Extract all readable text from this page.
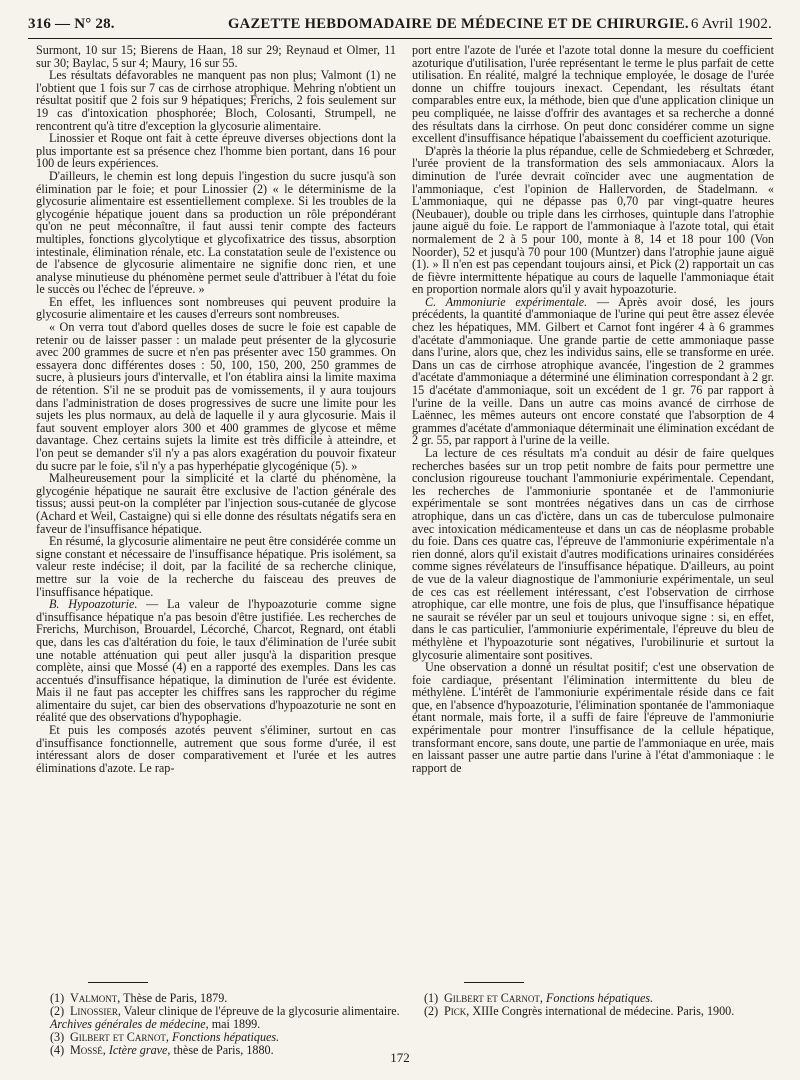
316 — N° 28.	GAZETTE HEBDOMADAIRE DE MÉDECINE ET DE CHIRURGIE. 6 Avril 1902.

Surmont, 10 sur 15; Bierens de Haan, 18 sur 29; Reynaud et Olmer, 11 sur 30; Baylac, 5 sur 4; Maury, 16 sur 55.

Les résultats défavorables ne manquent pas non plus; Valmont (1) ne l'obtient que 1 fois sur 7 cas de cirrhose atrophique. Mehring n'obtient un résultat positif que 2 fois sur 9 hépatiques; Frerichs, 2 fois seulement sur 19 cas d'intoxication phosphorée; Bloch, Colosanti, Strumpell, ne rencontrent qu'à titre d'exception la glycosurie alimentaire.

Linossier et Roque ont fait à cette épreuve diverses objections dont la plus importante est sa présence chez l'homme bien portant, dans 16 pour 100 de leurs expériences.

D'ailleurs, le chemin est long depuis l'ingestion du sucre jusqu'à son élimination par le foie; et pour Linossier (2) « le déterminisme de la glycosurie alimentaire est essentiellement complexe. Si les troubles de la glycogénie hépatique jouent dans sa production un rôle prépondérant qu'on ne peut méconnaître, il faut aussi tenir compte des facteurs multiples, fonctions glycolytique et glycofixatrice des tissus, absorption intestinale, élimination rénale, etc. La constatation seule de l'existence ou de l'absence de glycosurie alimentaire ne signifie donc rien, et une analyse minutieuse du phénomène permet seule d'attribuer à l'état du foie le succès ou l'échec de l'épreuve. »

En effet, les influences sont nombreuses qui peuvent produire la glycosurie alimentaire et les causes d'erreurs sont nombreuses.

« On verra tout d'abord quelles doses de sucre le foie est capable de retenir ou de laisser passer : un malade peut présenter de la glycosurie avec 200 grammes de sucre et n'en pas présenter avec 150 grammes. On essayera donc différentes doses : 50, 100, 150, 200, 250 grammes de sucre, à plusieurs jours d'intervalle, et l'on établira ainsi la limite maxima de rétention. S'il ne se produit pas de vomissements, il y aura toujours dans l'administration de doses progressives de sucre une limite pour les sujets les plus normaux, au delà de laquelle il y aura glycosurie. Mais il faut souvent employer alors 300 et 400 grammes de glycose et même davantage. Chez certains sujets la limite est très difficile à atteindre, et l'on peut se demander s'il n'y a pas alors exagération du pouvoir fixateur du sucre par le foie, s'il n'y a pas hyperhépatie glycogénique (5). »

Malheureusement pour la simplicité et la clarté du phénomène, la glycogénie hépatique ne saurait être exclusive de l'action générale des tissus; aussi peut-on la compléter par l'injection sous-cutanée de glycose (Achard et Weil, Castaigne) qui si elle donne des résultats négatifs sera en faveur de l'insuffisance hépatique.

En résumé, la glycosurie alimentaire ne peut être considérée comme un signe constant et nécessaire de l'insuffisance hépatique. Pris isolément, sa valeur reste indécise; il doit, par la facilité de sa recherche clinique, mettre sur la voie de la recherche du faisceau des preuves de l'insuffisance hépatique.

B. Hypoazoturie. — La valeur de l'hypoazoturie comme signe d'insuffisance hépatique n'a pas besoin d'être justifiée. Les recherches de Frerichs, Murchison, Brouardel, Lécorché, Charcot, Regnard, ont établi que, dans les cas d'altération du foie, le taux d'élimination de l'urée subit une notable atténuation qui peut aller jusqu'à la disparition presque complète, ainsi que Mossé (4) en a rapporté des exemples. Dans les cas accentués d'insuffisance hépatique, la diminution de l'urée est évidente. Mais il ne faut pas accepter les chiffres sans les rapprocher du régime alimentaire du sujet, car bien des observations d'hypoazoturie ne sont en réalité que des observations d'hypophagie.

Et puis les composés azotés peuvent s'éliminer, surtout en cas d'insuffisance fonctionnelle, autrement que sous forme d'urée, il est intéressant alors de doser comparativement et l'urée et les autres éliminations d'azote. Le rap-

port entre l'azote de l'urée et l'azote total donne la mesure du coefficient azoturique d'utilisation, l'urée représentant le terme le plus parfait de cette utilisation. En réalité, malgré la technique employée, le dosage de l'urée donne un chiffre toujours inexact. Cependant, les résultats étant comparables entre eux, la méthode, bien que d'une application clinique un peu compliquée, ne laisse d'offrir des avantages et sa recherche a donné des résultats dans la cirrhose. On peut donc considérer comme un signe excellent d'insuffisance hépatique l'abaissement du coefficient azoturique.

D'après la théorie la plus répandue, celle de Schmiedeberg et Schrœder, l'urée provient de la transformation des sels ammoniacaux. Alors la diminution de l'urée devrait coïncider avec une augmentation de l'ammoniaque, c'est l'opinion de Hallervorden, de Stadelmann. « L'ammoniaque, qui ne dépasse pas 0,70 par vingt-quatre heures (Neubauer), double ou triple dans les cirrhoses, quintuple dans l'atrophie jaune aiguë du foie. Le rapport de l'ammoniaque à l'azote total, qui était normalement de 2 à 5 pour 100, monte à 8, 14 et 18 pour 100 (Von Noorder), 52 et jusqu'à 70 pour 100 (Muntzer) dans l'atrophie jaune aiguë (1). » Il n'en est pas cependant toujours ainsi, et Pick (2) rapportait un cas de fièvre intermittente hépatique au cours de laquelle l'ammoniaque était en proportion normale alors qu'il y avait hypoazoturie.

C. Ammoniurie expérimentale. — Après avoir dosé, les jours précédents, la quantité d'ammoniaque de l'urine qui peut être assez élevée chez les hépatiques, MM. Gilbert et Carnot font ingérer 4 à 6 grammes d'acétate d'ammoniaque. Une grande partie de cette ammoniaque passe dans l'urine, alors que, chez les individus sains, elle se transforme en urée. Dans un cas de cirrhose atrophique avancée, l'ingestion de 2 grammes d'acétate d'ammoniaque a déterminé une élimination correspondant à 2 gr. 15 d'acétate d'ammoniaque, soit un excédent de 1 gr. 76 par rapport à l'urine de la veille. Dans un autre cas moins avancé de cirrhose de Laënnec, les mêmes auteurs ont encore constaté que l'absorption de 4 grammes d'acétate d'ammoniaque déterminait une élimination excédant de 2 gr. 55, par rapport à l'urine de la veille.

La lecture de ces résultats m'a conduit au désir de faire quelques recherches basées sur un trop petit nombre de faits pour permettre une conclusion rigoureuse touchant l'ammoniurie expérimentale. Cependant, les recherches de l'ammoniurie spontanée et de l'ammoniurie expérimentale se sont montrées négatives dans un cas de cirrhose atrophique, dans un cas d'ictère, dans un cas de tuberculose pulmonaire avec intoxication médicamenteuse et dans un cas de néoplasme probable du foie. Dans ces quatre cas, l'épreuve de l'ammoniurie expérimentale n'a rien donné, alors qu'il existait d'autres modifications urinaires considérées comme signes révélateurs de l'insuffisance hépatique. D'ailleurs, au point de vue de la valeur diagnostique de l'ammoniurie expérimentale, un seul de ces cas est réellement intéressant, c'est l'observation de cirrhose atrophique, car elle montre, une fois de plus, que l'insuffisance hépatique ne saurait se révéler par un seul et toujours univoque signe : si, en effet, dans le cas particulier, l'ammoniurie expérimentale, l'épreuve du bleu de méthylène et l'hypoazoturie sont négatives, l'urobilinurie et surtout la glycosurie alimentaire sont positives.

Une observation a donné un résultat positif; c'est une observation de foie cardiaque, présentant l'élimination intermittente du bleu de méthylène. L'intérêt de l'ammoniurie expérimentale réside dans ce fait que, en l'absence d'hypoazoturie, l'élimination spontanée de l'ammoniaque étant normale, mais forte, il a suffi de faire l'épreuve de l'ammoniurie expérimentale pour montrer l'insuffisance de la cellule hépatique, transformant encore, sans doute, une partie de l'ammoniaque en urée, mais en laissant passer une autre partie dans l'urine à l'état d'ammoniaque : le rapport de

(1) Valmont, Thèse de Paris, 1879.
(2) Linossier, Valeur clinique de l'épreuve de la glycosurie alimentaire. Archives générales de médecine, mai 1899.
(3) Gilbert et Carnot, Fonctions hépatiques.
(4) Mossé, Ictère grave, thèse de Paris, 1880.
(1) Gilbert et Carnot, Fonctions hépatiques.
(2) Pick, XIIIe Congrès international de médecine. Paris, 1900.
172
